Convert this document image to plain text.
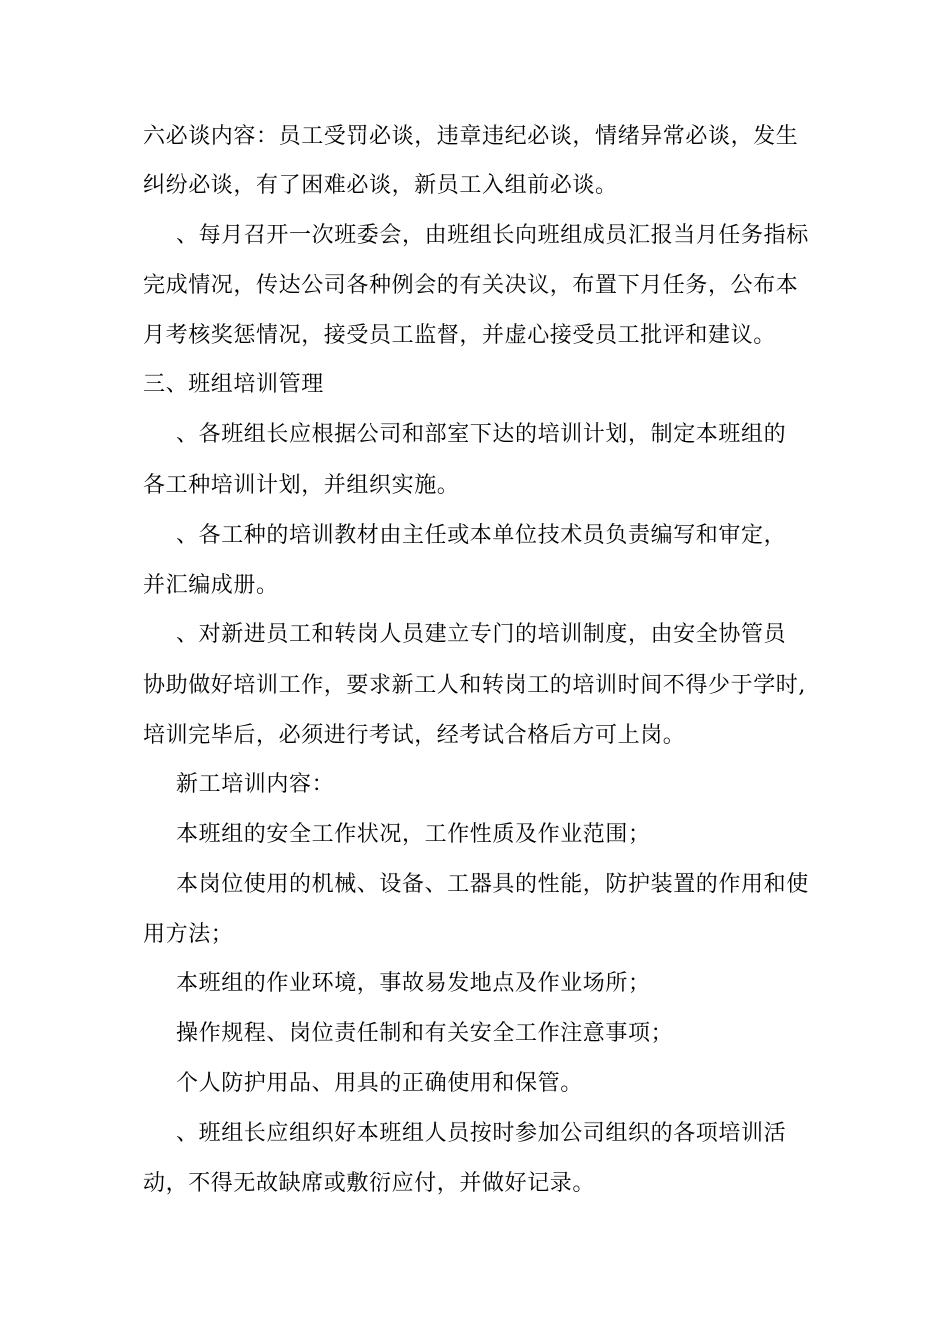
六必谈内容：员工受罚必谈，违章违纪必谈，情绪异常必谈，发生
纠纷必谈，有了困难必谈，新员工入组前必谈。
、每月召开一次班委会，由班组长向班组成员汇报当月任务指标
完成情况，传达公司各种例会的有关决议，布置下月任务，公布本
月考核奖惩情况，接受员工监督，并虚心接受员工批评和建议。
三、班组培训管理
、各班组长应根据公司和部室下达的培训计划，制定本班组的
各工种培训计划，并组织实施。
、各工种的培训教材由主任或本单位技术员负责编写和审定，
并汇编成册。
、对新进员工和转岗人员建立专门的培训制度，由安全协管员
协助做好培训工作，要求新工人和转岗工的培训时间不得少于学时,
培训完毕后，必须进行考试，经考试合格后方可上岗。
新工培训内容：
本班组的安全工作状况，工作性质及作业范围；
本岗位使用的机械、设备、工器具的性能，防护装置的作用和使
用方法；
本班组的作业环境，事故易发地点及作业场所；
操作规程、岗位责任制和有关安全工作注意事项；
个人防护用品、用具的正确使用和保管。
、班组长应组织好本班组人员按时参加公司组织的各项培训活
动，不得无故缺席或敷衍应付，并做好记录。
